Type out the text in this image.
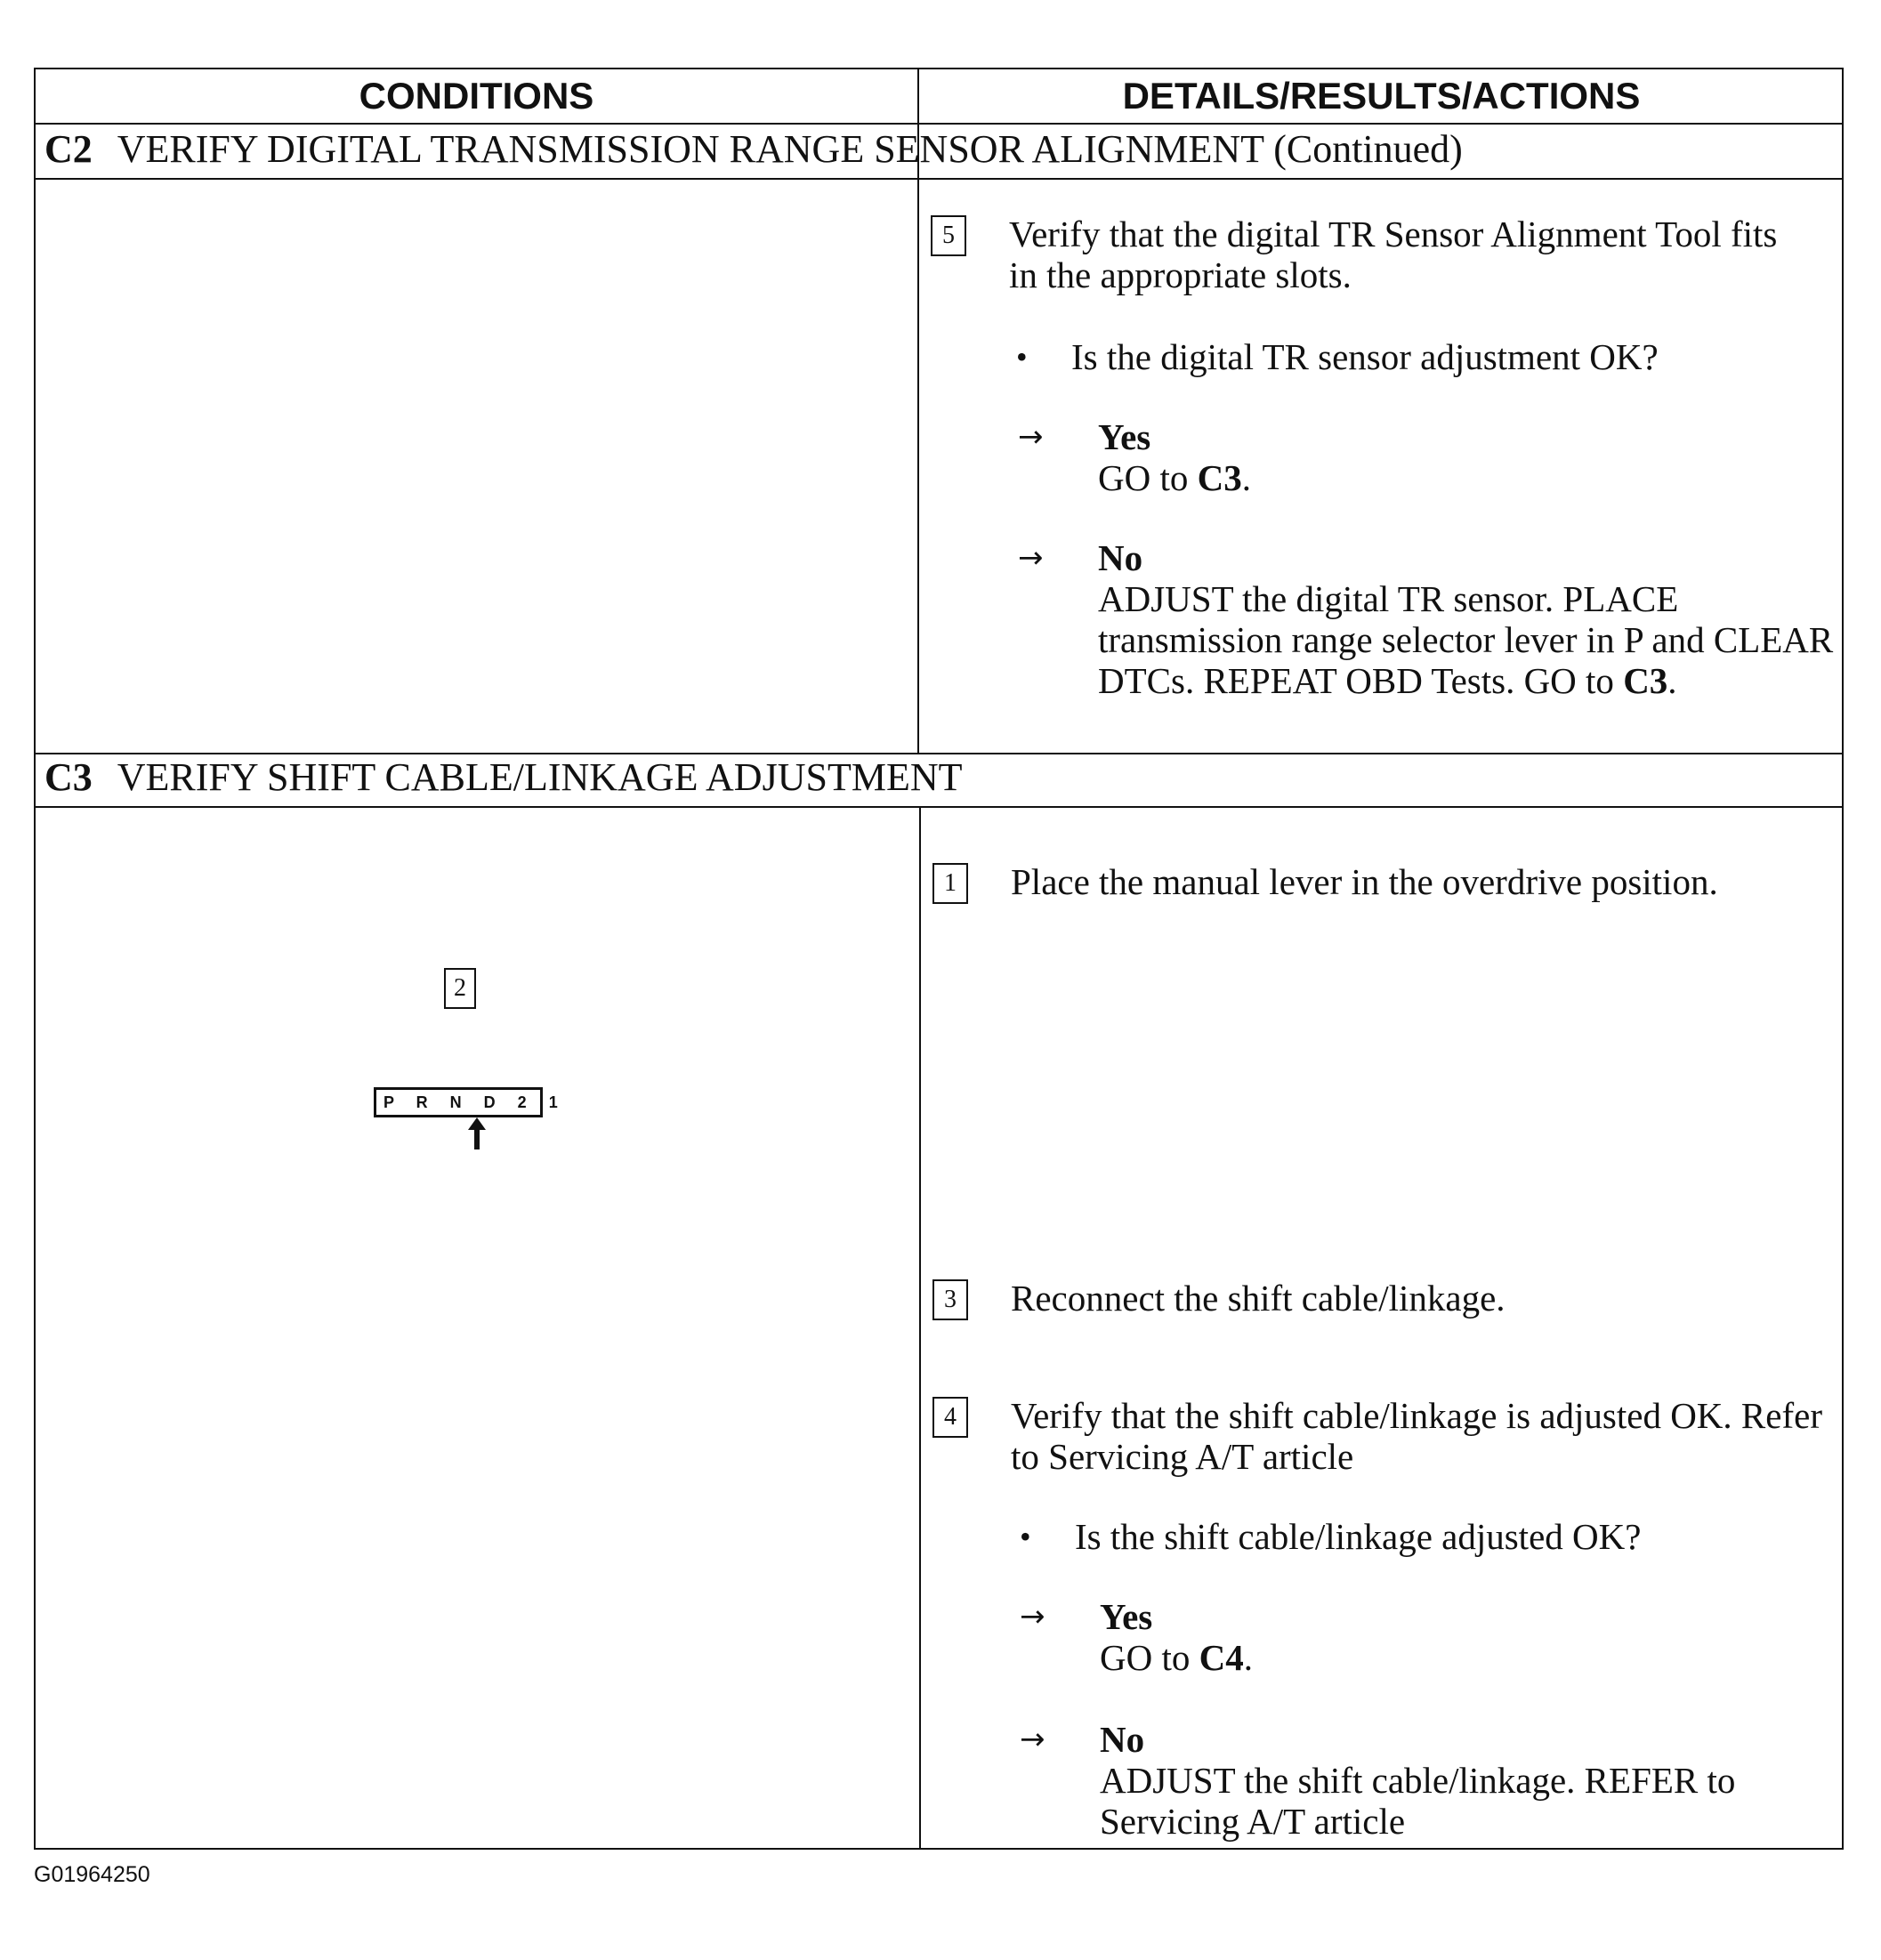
CONDITIONS	DETAILS/RESULTS/ACTIONS
C2 VERIFY DIGITAL TRANSMISSION RANGE SENSOR ALIGNMENT (Continued)
5	Verify that the digital TR Sensor Alignment Tool fits in the appropriate slots.
• Is the digital TR sensor adjustment OK?
→ Yes
GO to C3.
→ No
ADJUST the digital TR sensor. PLACE transmission range selector lever in P and CLEAR DTCs. REPEAT OBD Tests. GO to C3.
C3 VERIFY SHIFT CABLE/LINKAGE ADJUSTMENT
2
P R N D 2 1
1	Place the manual lever in the overdrive position.
3	Reconnect the shift cable/linkage.
4	Verify that the shift cable/linkage is adjusted OK. Refer to Servicing A/T article
• Is the shift cable/linkage adjusted OK?
→ Yes
GO to C4.
→ No
ADJUST the shift cable/linkage. REFER to Servicing A/T article
G01964250
